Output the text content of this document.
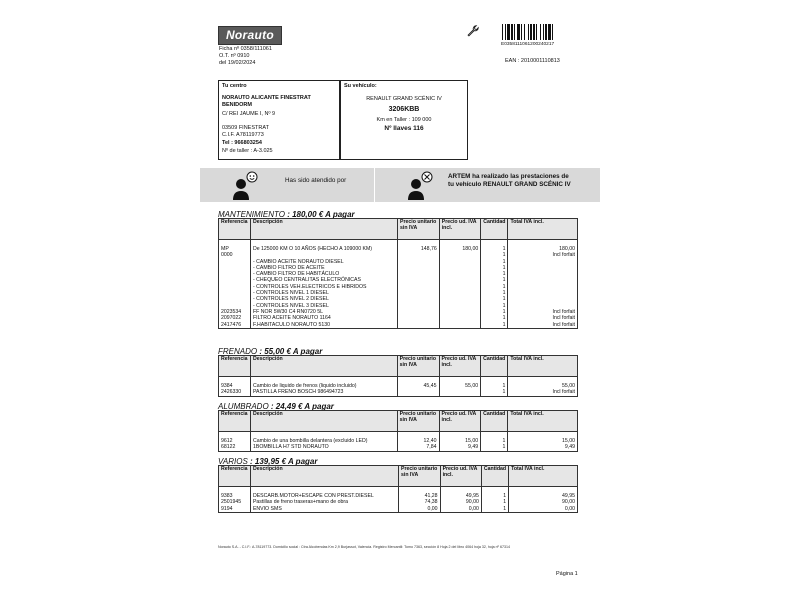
Norauto
Ficha nº 0358/111061
O.T. nº 0910
del 19/02/2024
E0358111061200240217
EAN : 2010001110813
Tu centro
NORAUTO ALICANTE FINESTRAT
BENIDORM
C/ REI JAUME I, Nº 9
03509 FINESTRAT
C.I.F. A78119773
Tel : 966803254
Nº de taller : A-3.025
Su vehículo:
RENAULT GRAND SCÉNIC IV
3206KBB
Km en Taller : 109 000
Nº llaves 116
Has sido atendido por
ARTEM ha realizado las prestaciones de
tu vehículo RENAULT GRAND SCÉNIC IV
MANTENIMIENTO : 180,00 € A pagar
FRENADO : 55,00 € A pagar
ALUMBRADO : 24,49 € A pagar
VARIOS : 139,95 € A pagar
Referencia	Descripción	Precio unitario sin IVA	Precio ud. IVA incl.	Cantidad	Total IVA incl.

MP	De 125000 KM O 10 AÑOS (HECHO A 109000 KM)	148,76	180,00	1	180,00
0000				1	Incl forfait
	- CAMBIO ACEITE NORAUTO DIESEL			1	
	- CAMBIO FILTRO DE ACEITE			1	
	- CAMBIO FILTRO DE HABITÁCULO			1	
	- CHEQUEO CENTRALITAS ELECTRÓNICAS			1	
	- CONTROLES VEH.ELECTRICOS E HIBRIDOS			1	
	- CONTROLES NIVEL 1 DIESEL			1	
	- CONTROLES NIVEL 2 DIESEL			1	
	- CONTROLES NIVEL 3 DIESEL			1	
2023534	FF NOR 5W30 C4 RN0720 5L			1	Incl forfait
2097022	FILTRO ACEITE NORAUTO 1164			1	Incl forfait
2417476	F.HABITACULO NORAUTO 5130			1	Incl forfait
Referencia	Descripción	Precio unitario sin IVA	Precio ud. IVA incl.	Cantidad	Total IVA incl.

9384	Cambio de liquido de frenos (liquido incluido)	45,45	55,00	1	55,00
2426330	PASTILLA FRENO BOSCH 986494723			1	Incl forfait
Referencia	Descripción	Precio unitario sin IVA	Precio ud. IVA incl.	Cantidad	Total IVA incl.

9612	Cambio de una bombilla delantera (excluido LED)	12,40	15,00	1	15,00
68122	1BOMBILLA H7 STD NORAUTO	7,84	9,49	1	9,49
Referencia	Descripción	Precio unitario sin IVA	Precio ud. IVA incl.	Cantidad	Total IVA incl.

9383	DESCARB.MOTOR+ESCAPE CON PREST.DIESEL	41,28	49,95	1	49,95
2501945	Pastillas de freno traseras+mano de obra	74,38	90,00	1	90,00
9194	ENVIO SMS	0,00	0,00	1	0,00
Norauto S.A. - C.I.F.: A-78119773. Domicilio social : Ctra Alcobendas Km 2,9 Burjassot, Valencia. Registro Mercantil: Tomo 7363, sección 8 Hoja 2 del libro 4064 hoja 32, hoja nº 67314
Página 1
